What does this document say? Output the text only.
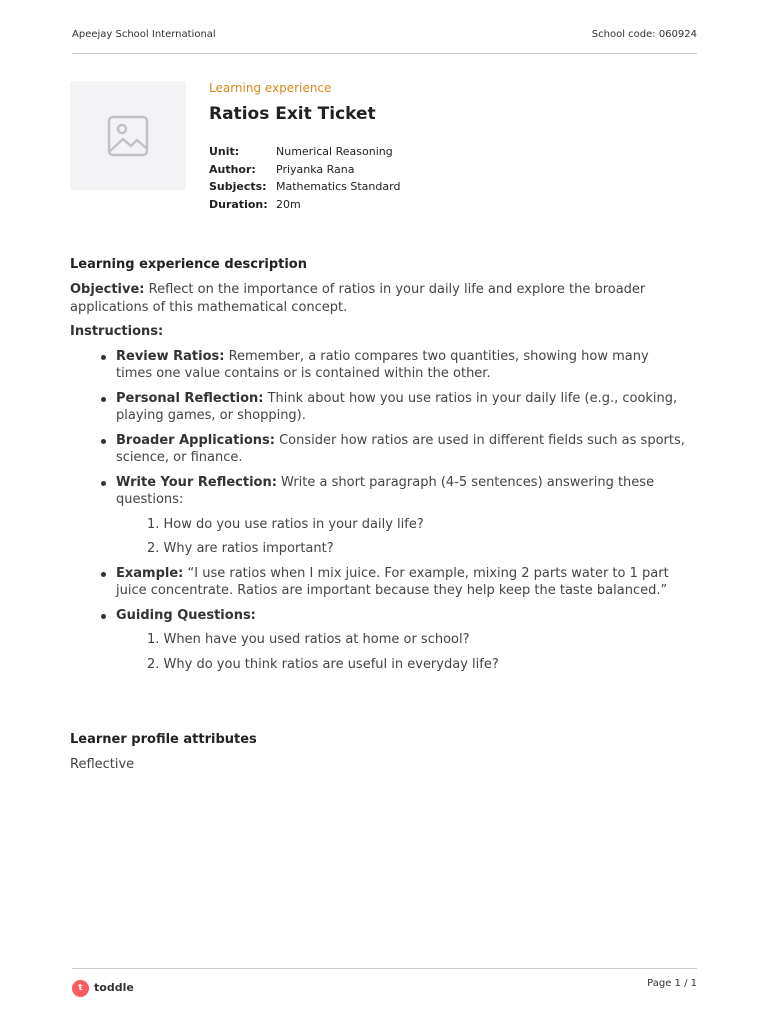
Apeejay School International	School code: 060924
Learning experience
Ratios Exit Ticket
Unit:	Numerical Reasoning
Author: Priyanka Rana
Subjects: Mathematics Standard
Duration: 20m
Learning experience description

Objective: Reflect on the importance of ratios in your daily life and explore the broader applications of this mathematical concept.

Instructions:

Review Ratios: Remember, a ratio compares two quantities, showing how many times one value contains or is contained within the other.
Personal Reflection: Think about how you use ratios in your daily life (e.g., cooking, playing games, or shopping).
Broader Applications: Consider how ratios are used in different fields such as sports, science, or finance.
Write Your Reflection: Write a short paragraph (4-5 sentences) answering these questions:
1. How do you use ratios in your daily life?
2. Why are ratios important?
Example: “I use ratios when I mix juice. For example, mixing 2 parts water to 1 part juice concentrate. Ratios are important because they help keep the taste balanced.”
Guiding Questions:
1. When have you used ratios at home or school?
2. Why do you think ratios are useful in everyday life?
Learner profile attributes
Reflective
t	toddle	Page 1 / 1
